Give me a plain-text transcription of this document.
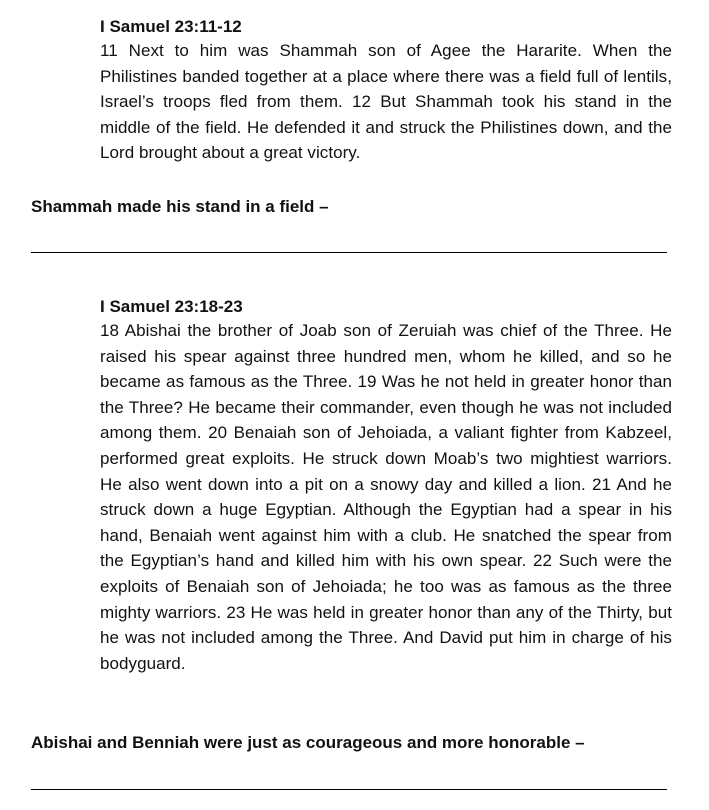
I Samuel 23:11-12

11 Next to him was Shammah son of Agee the Hararite. When the Philistines banded together at a place where there was a field full of lentils, Israel’s troops fled from them. 12 But Shammah took his stand in the middle of the field. He defended it and struck the Philistines down, and the Lord brought about a great victory.

Shammah made his stand in a field –

I Samuel 23:18-23

18 Abishai the brother of Joab son of Zeruiah was chief of the Three. He raised his spear against three hundred men, whom he killed, and so he became as famous as the Three. 19 Was he not held in greater honor than the Three? He became their commander, even though he was not included among them. 20 Benaiah son of Jehoiada, a valiant fighter from Kabzeel, performed great exploits. He struck down Moab’s two mightiest warriors. He also went down into a pit on a snowy day and killed a lion. 21 And he struck down a huge Egyptian. Although the Egyptian had a spear in his hand, Benaiah went against him with a club. He snatched the spear from the Egyptian’s hand and killed him with his own spear. 22 Such were the exploits of Benaiah son of Jehoiada; he too was as famous as the three mighty warriors. 23 He was held in greater honor than any of the Thirty, but he was not included among the Three. And David put him in charge of his bodyguard.

Abishai and Benniah were just as courageous and more honorable –
